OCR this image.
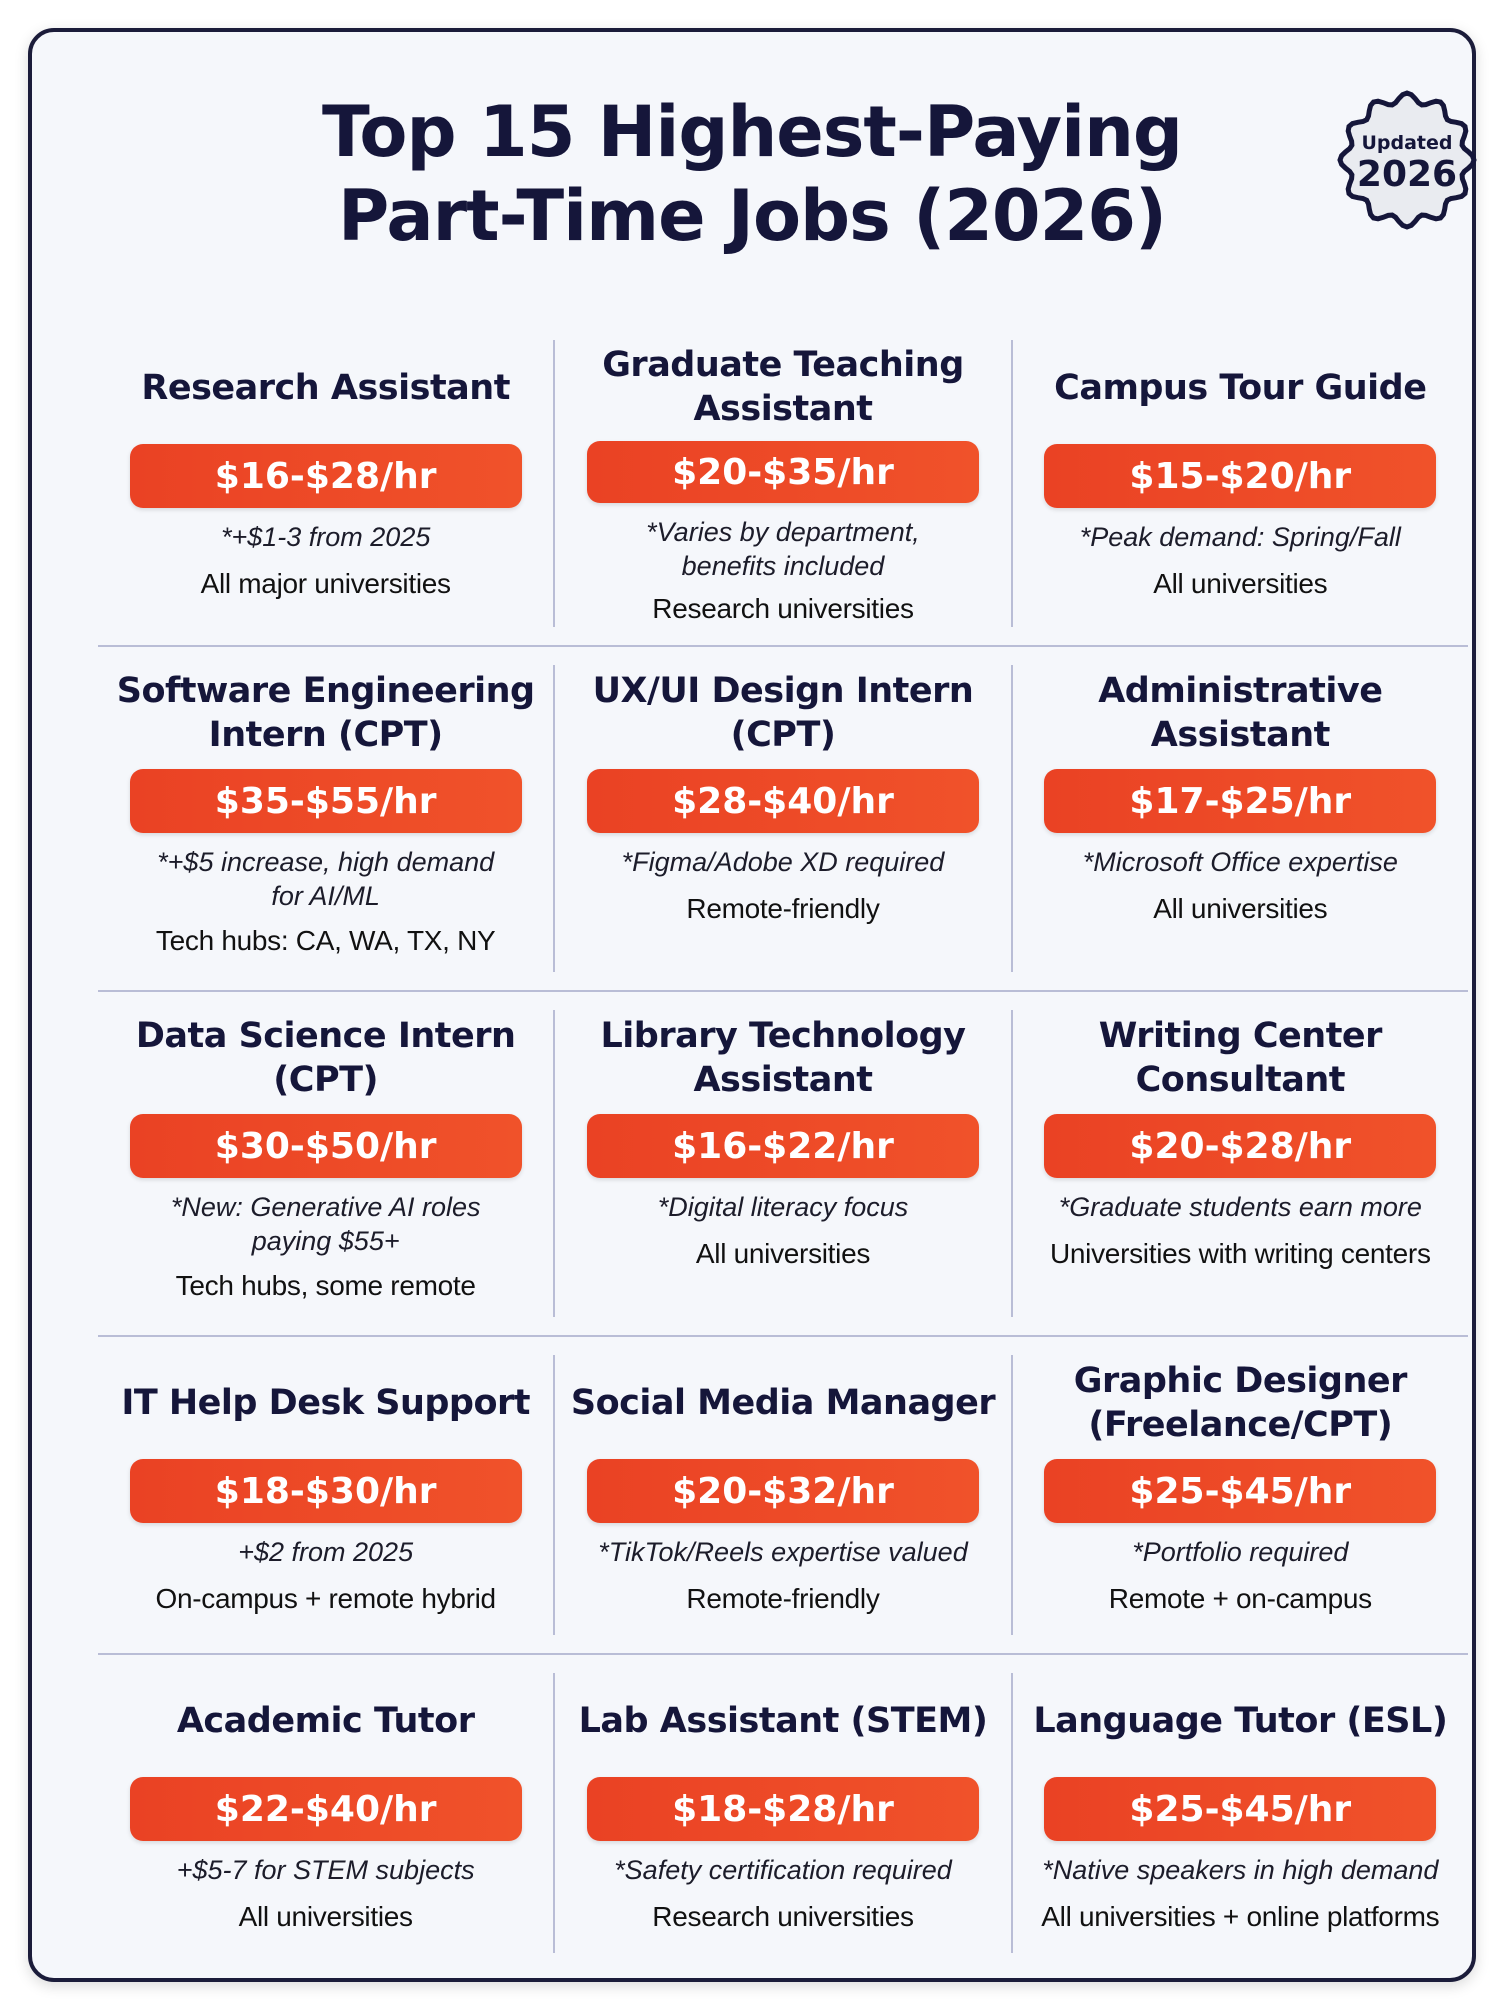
Top 15 Highest-Paying
Part-Time Jobs (2026)
Updated
2026
Research Assistant
$16-$28/hr
*+$1-3 from 2025
All major universities
Graduate Teaching
Assistant
$20-$35/hr
*Varies by department,
benefits included
Research universities
Campus Tour Guide
$15-$20/hr
*Peak demand: Spring/Fall
All universities
Software Engineering
Intern (CPT)
$35-$55/hr
*+$5 increase, high demand
for AI/ML
Tech hubs: CA, WA, TX, NY
UX/UI Design Intern
(CPT)
$28-$40/hr
*Figma/Adobe XD required
Remote-friendly
Administrative
Assistant
$17-$25/hr
*Microsoft Office expertise
All universities
Data Science Intern
(CPT)
$30-$50/hr
*New: Generative AI roles
paying $55+
Tech hubs, some remote
Library Technology
Assistant
$16-$22/hr
*Digital literacy focus
All universities
Writing Center
Consultant
$20-$28/hr
*Graduate students earn more
Universities with writing centers
IT Help Desk Support
$18-$30/hr
+$2 from 2025
On-campus + remote hybrid
Social Media Manager
$20-$32/hr
*TikTok/Reels expertise valued
Remote-friendly
Graphic Designer
(Freelance/CPT)
$25-$45/hr
*Portfolio required
Remote + on-campus
Academic Tutor
$22-$40/hr
+$5-7 for STEM subjects
All universities
Lab Assistant (STEM)
$18-$28/hr
*Safety certification required
Research universities
Language Tutor (ESL)
$25-$45/hr
*Native speakers in high demand
All universities + online platforms
